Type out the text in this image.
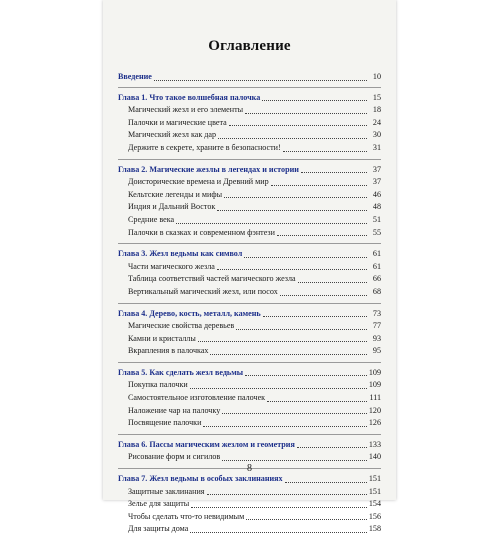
Оглавление
Введение	10
Глава 1. Что такое волшебная палочка	15
Магический жезл и его элементы	18
Палочки и магические цвета	24
Магический жезл как дар	30
Держите в секрете, храните в безопасности!	31
Глава 2. Магические жезлы в легендах и истории	37
Доисторические времена и Древний мир	37
Кельтские легенды и мифы	46
Индия и Дальний Восток	48
Средние века	51
Палочки в сказках и современном фэнтези	55
Глава 3. Жезл ведьмы как символ	61
Части магического жезла	61
Таблица соответствий частей магического жезла	66
Вертикальный магический жезл, или посох	68
Глава 4. Дерево, кость, металл, камень	73
Магические свойства деревьев	77
Камни и кристаллы	93
Вкрапления в палочках	95
Глава 5. Как сделать жезл ведьмы	109
Покупка палочки	109
Самостоятельное изготовление палочек	111
Наложение чар на палочку	120
Посвящение палочки	126
Глава 6. Пассы магическим жезлом и геометрия	133
Рисование форм и сигилов	140
Глава 7. Жезл ведьмы в особых заклинаниях	151
Защитные заклинания	151
Зелье для защиты	154
Чтобы сделать что-то невидимым	156
Для защиты дома	158
8
